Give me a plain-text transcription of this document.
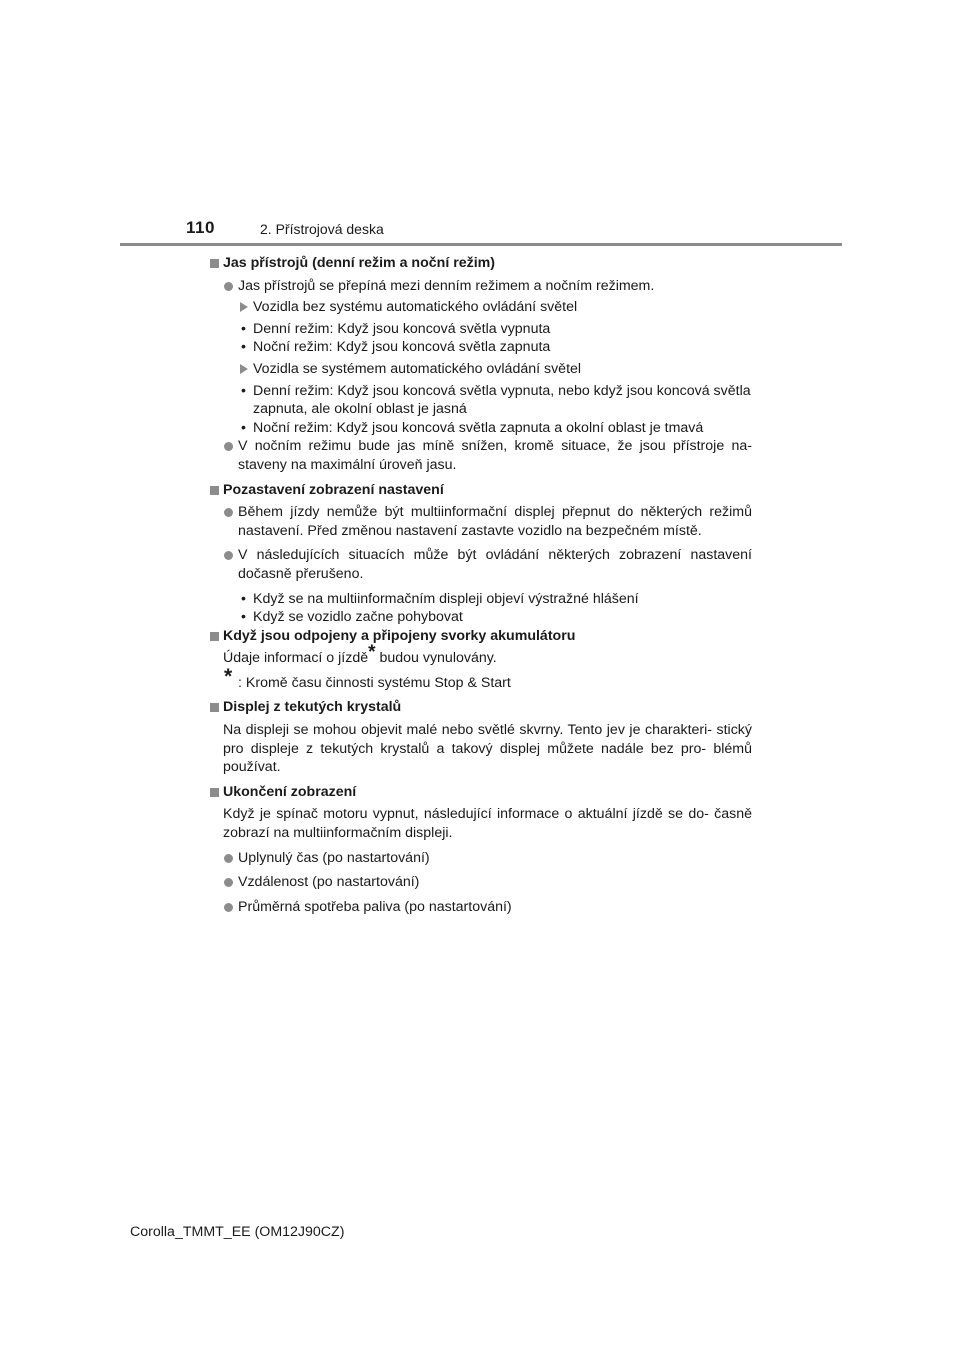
110	2. Přístrojová deska
Jas přístrojů (denní režim a noční režim)
Jas přístrojů se přepíná mezi denním režimem a nočním režimem.
Vozidla bez systému automatického ovládání světel
• Denní režim: Když jsou koncová světla vypnuta
• Noční režim: Když jsou koncová světla zapnuta
Vozidla se systémem automatického ovládání světel
• Denní režim: Když jsou koncová světla vypnuta, nebo když jsou koncová světla zapnuta, ale okolní oblast je jasná
• Noční režim: Když jsou koncová světla zapnuta a okolní oblast je tmavá
V nočním režimu bude jas míně snížen, kromě situace, že jsou přístroje na- staveny na maximální úroveň jasu.
Pozastavení zobrazení nastavení
Během jízdy nemůže být multiinformační displej přepnut do některých režimů nastavení. Před změnou nastavení zastavte vozidlo na bezpečném místě.
V následujících situacích může být ovládání některých zobrazení nastavení dočasně přerušeno.
• Když se na multiinformačním displeji objeví výstražné hlášení
• Když se vozidlo začne pohybovat
Když jsou odpojeny a připojeny svorky akumulátoru
Údaje informací o jízdě* budou vynulovány.
* : Kromě času činnosti systému Stop & Start
Displej z tekutých krystalů
Na displeji se mohou objevit malé nebo světlé skvrny. Tento jev je charakteri- stický pro displeje z tekutých krystalů a takový displej můžete nadále bez pro- blémů používat.
Ukončení zobrazení
Když je spínač motoru vypnut, následující informace o aktuální jízdě se do- časně zobrazí na multiinformačním displeji.
Uplynulý čas (po nastartování)
Vzdálenost (po nastartování)
Průměrná spotřeba paliva (po nastartování)
Corolla_TMMT_EE (OM12J90CZ)
